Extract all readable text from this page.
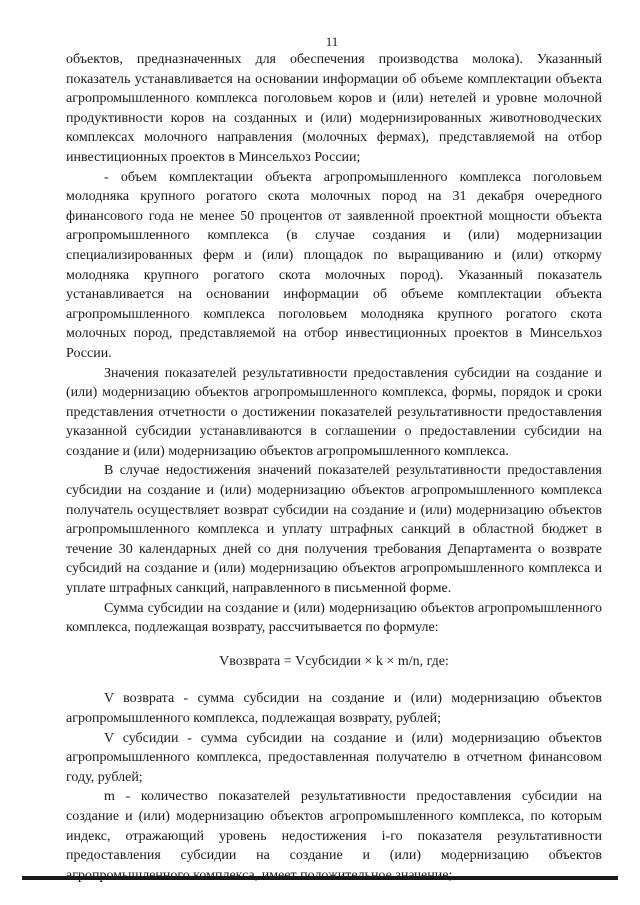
11

объектов, предназначенных для обеспечения производства молока). Указанный показатель устанавливается на основании информации об объеме комплектации объекта агропромышленного комплекса поголовьем коров и (или) нетелей и уровне молочной продуктивности коров на созданных и (или) модернизированных животноводческих комплексах молочного направления (молочных фермах), представляемой на отбор инвестиционных проектов в Минсельхоз России;

- объем комплектации объекта агропромышленного комплекса поголовьем молодняка крупного рогатого скота молочных пород на 31 декабря очередного финансового года не менее 50 процентов от заявленной проектной мощности объекта агропромышленного комплекса (в случае создания и (или) модернизации специализированных ферм и (или) площадок по выращиванию и (или) откорму молодняка крупного рогатого скота молочных пород). Указанный показатель устанавливается на основании информации об объеме комплектации объекта агропромышленного комплекса поголовьем молодняка крупного рогатого скота молочных пород, представляемой на отбор инвестиционных проектов в Минсельхоз России.

Значения показателей результативности предоставления субсидии на создание и (или) модернизацию объектов агропромышленного комплекса, формы, порядок и сроки представления отчетности о достижении показателей результативности предоставления указанной субсидии устанавливаются в соглашении о предоставлении субсидии на создание и (или) модернизацию объектов агропромышленного комплекса.

В случае недостижения значений показателей результативности предоставления субсидии на создание и (или) модернизацию объектов агропромышленного комплекса получатель осуществляет возврат субсидии на создание и (или) модернизацию объектов агропромышленного комплекса и уплату штрафных санкций в областной бюджет в течение 30 календарных дней со дня получения требования Департамента о возврате субсидий на создание и (или) модернизацию объектов агропромышленного комплекса и уплате штрафных санкций, направленного в письменной форме.

Сумма субсидии на создание и (или) модернизацию объектов агропромышленного комплекса, подлежащая возврату, рассчитывается по формуле:

Vвозврата = Vсубсидии × k × m/n, где:

V возврата - сумма субсидии на создание и (или) модернизацию объектов агропромышленного комплекса, подлежащая возврату, рублей;

V субсидии - сумма субсидии на создание и (или) модернизацию объектов агропромышленного комплекса, предоставленная получателю в отчетном финансовом году, рублей;

m - количество показателей результативности предоставления субсидии на создание и (или) модернизацию объектов агропромышленного комплекса, по которым индекс, отражающий уровень недостижения i-го показателя результативности предоставления субсидии на создание и (или) модернизацию объектов
